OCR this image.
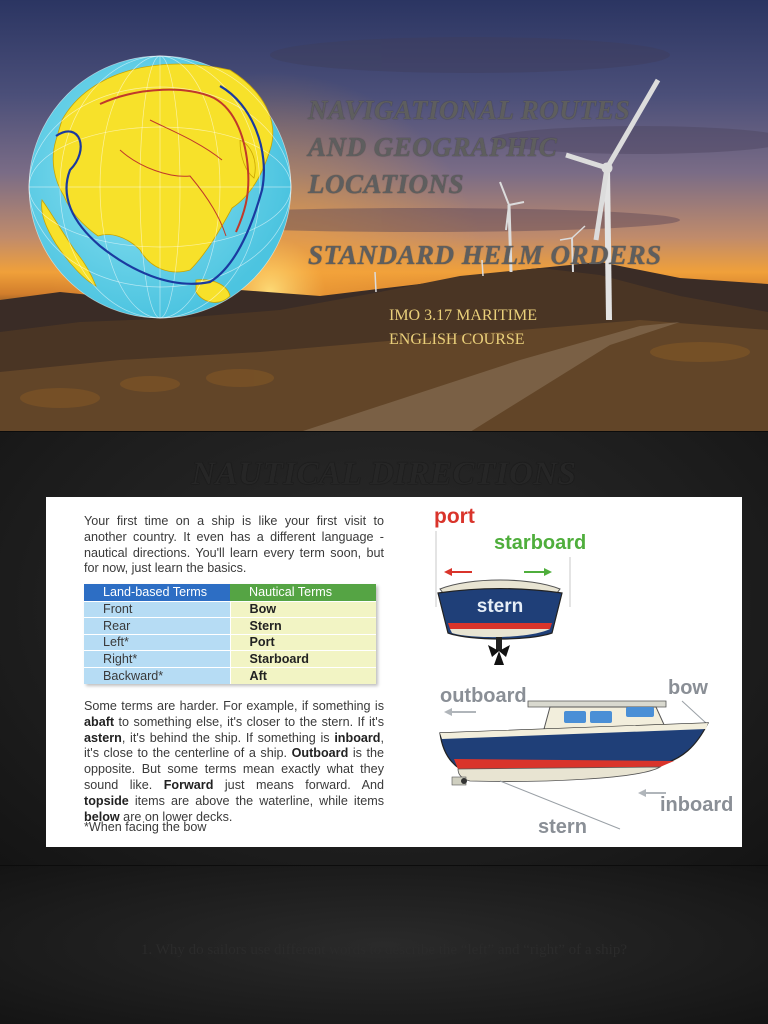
NAVIGATIONAL ROUTES
AND GEOGRAPHIC
LOCATIONS
STANDARD HELM ORDERS
IMO 3.17 MARITIME
ENGLISH COURSE
NAUTICAL DIRECTIONS

Your first time on a ship is like your first visit to another country. It even has a different language - nautical directions. You'll learn every term soon, but for now, just learn the basics.

Land-based Terms	Nautical Terms
Front	Bow
Rear	Stern
Left*	Port
Right*	Starboard
Backward*	Aft

Some terms are harder. For example, if something is abaft to something else, it's closer to the stern. If it's astern, it's behind the ship. If something is inboard, it's close to the centerline of a ship. Outboard is the opposite. But some terms mean exactly what they sound like. Forward just means forward. And topside items are above the waterline, while items below are on lower decks.

*When facing the bow

port
starboard
stern
outboard	bow
inboard
stern
1. Why do sailors use different words to describe the “left” and “right” of a ship?
